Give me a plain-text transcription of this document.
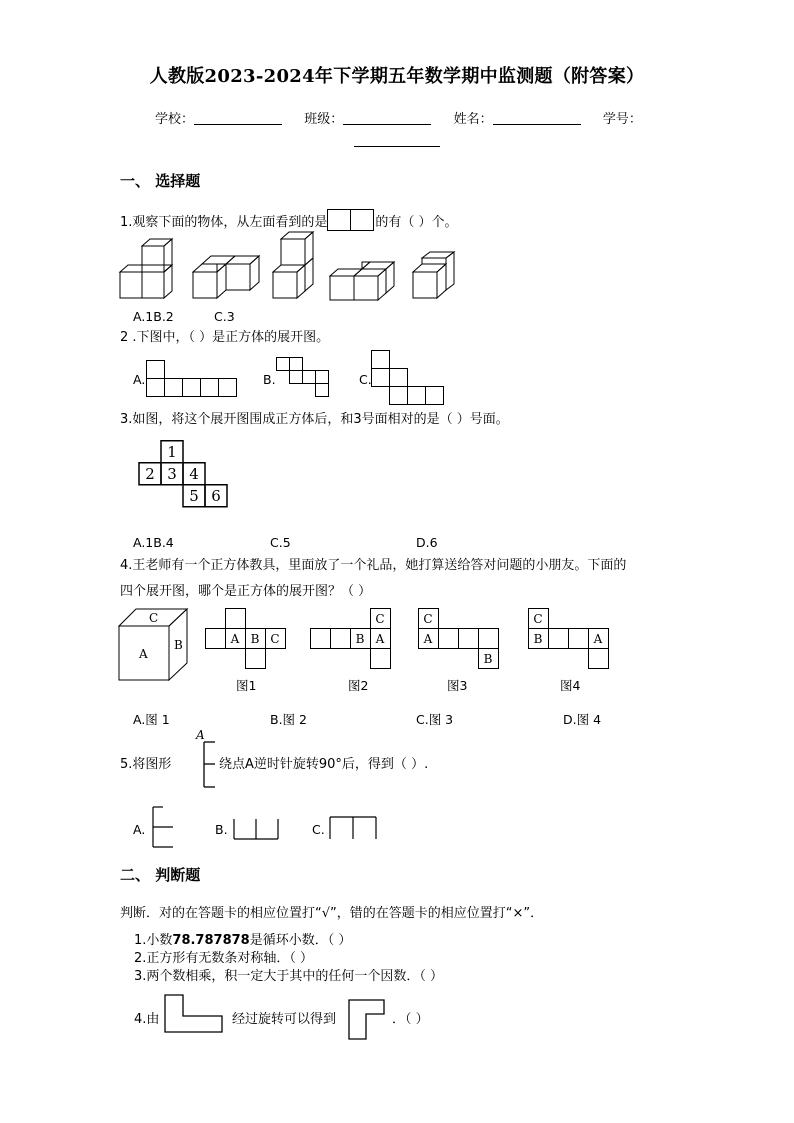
人教版2023-2024年下学期五年数学期中监测题（附答案）
学校：	班级：	姓名：	学号：
一、 选择题
1.观察下面的物体，从左面看到的是	的有（ ）个。
A.1B.2	C.3
2 .下图中，（ ）是正方体的展开图。
A.	B.	C.
3.如图，将这个展开图围成正方体后，和3号面相对的是（ ）号面。
1
2 3 4
5 6
A.1B.4	C.5	D.6
4.王老师有一个正方体教具，里面放了一个礼品，她打算送给答对问题的小朋友。下面的
四个展开图，哪个是正方体的展开图？（ ）
C
A
B	A B C
图1
C
B A
图2
C
A
B
图3
C
B	A
图4
A.图 1	B.图 2	C.图 3	D.图 4
5.将图形
A
绕点A逆时针旋转90°后，得到（ ）.
A.	B.	C.
二、 判断题
判断．对的在答题卡的相应位置打“√”，错的在答题卡的相应位置打“×”．
1.小数78.787878是循环小数．（ ）
2.正方形有无数条对称轴．（ ）
3.两个数相乘，积一定大于其中的任何一个因数．（ ）
4.由	经过旋转可以得到	．（ ）
